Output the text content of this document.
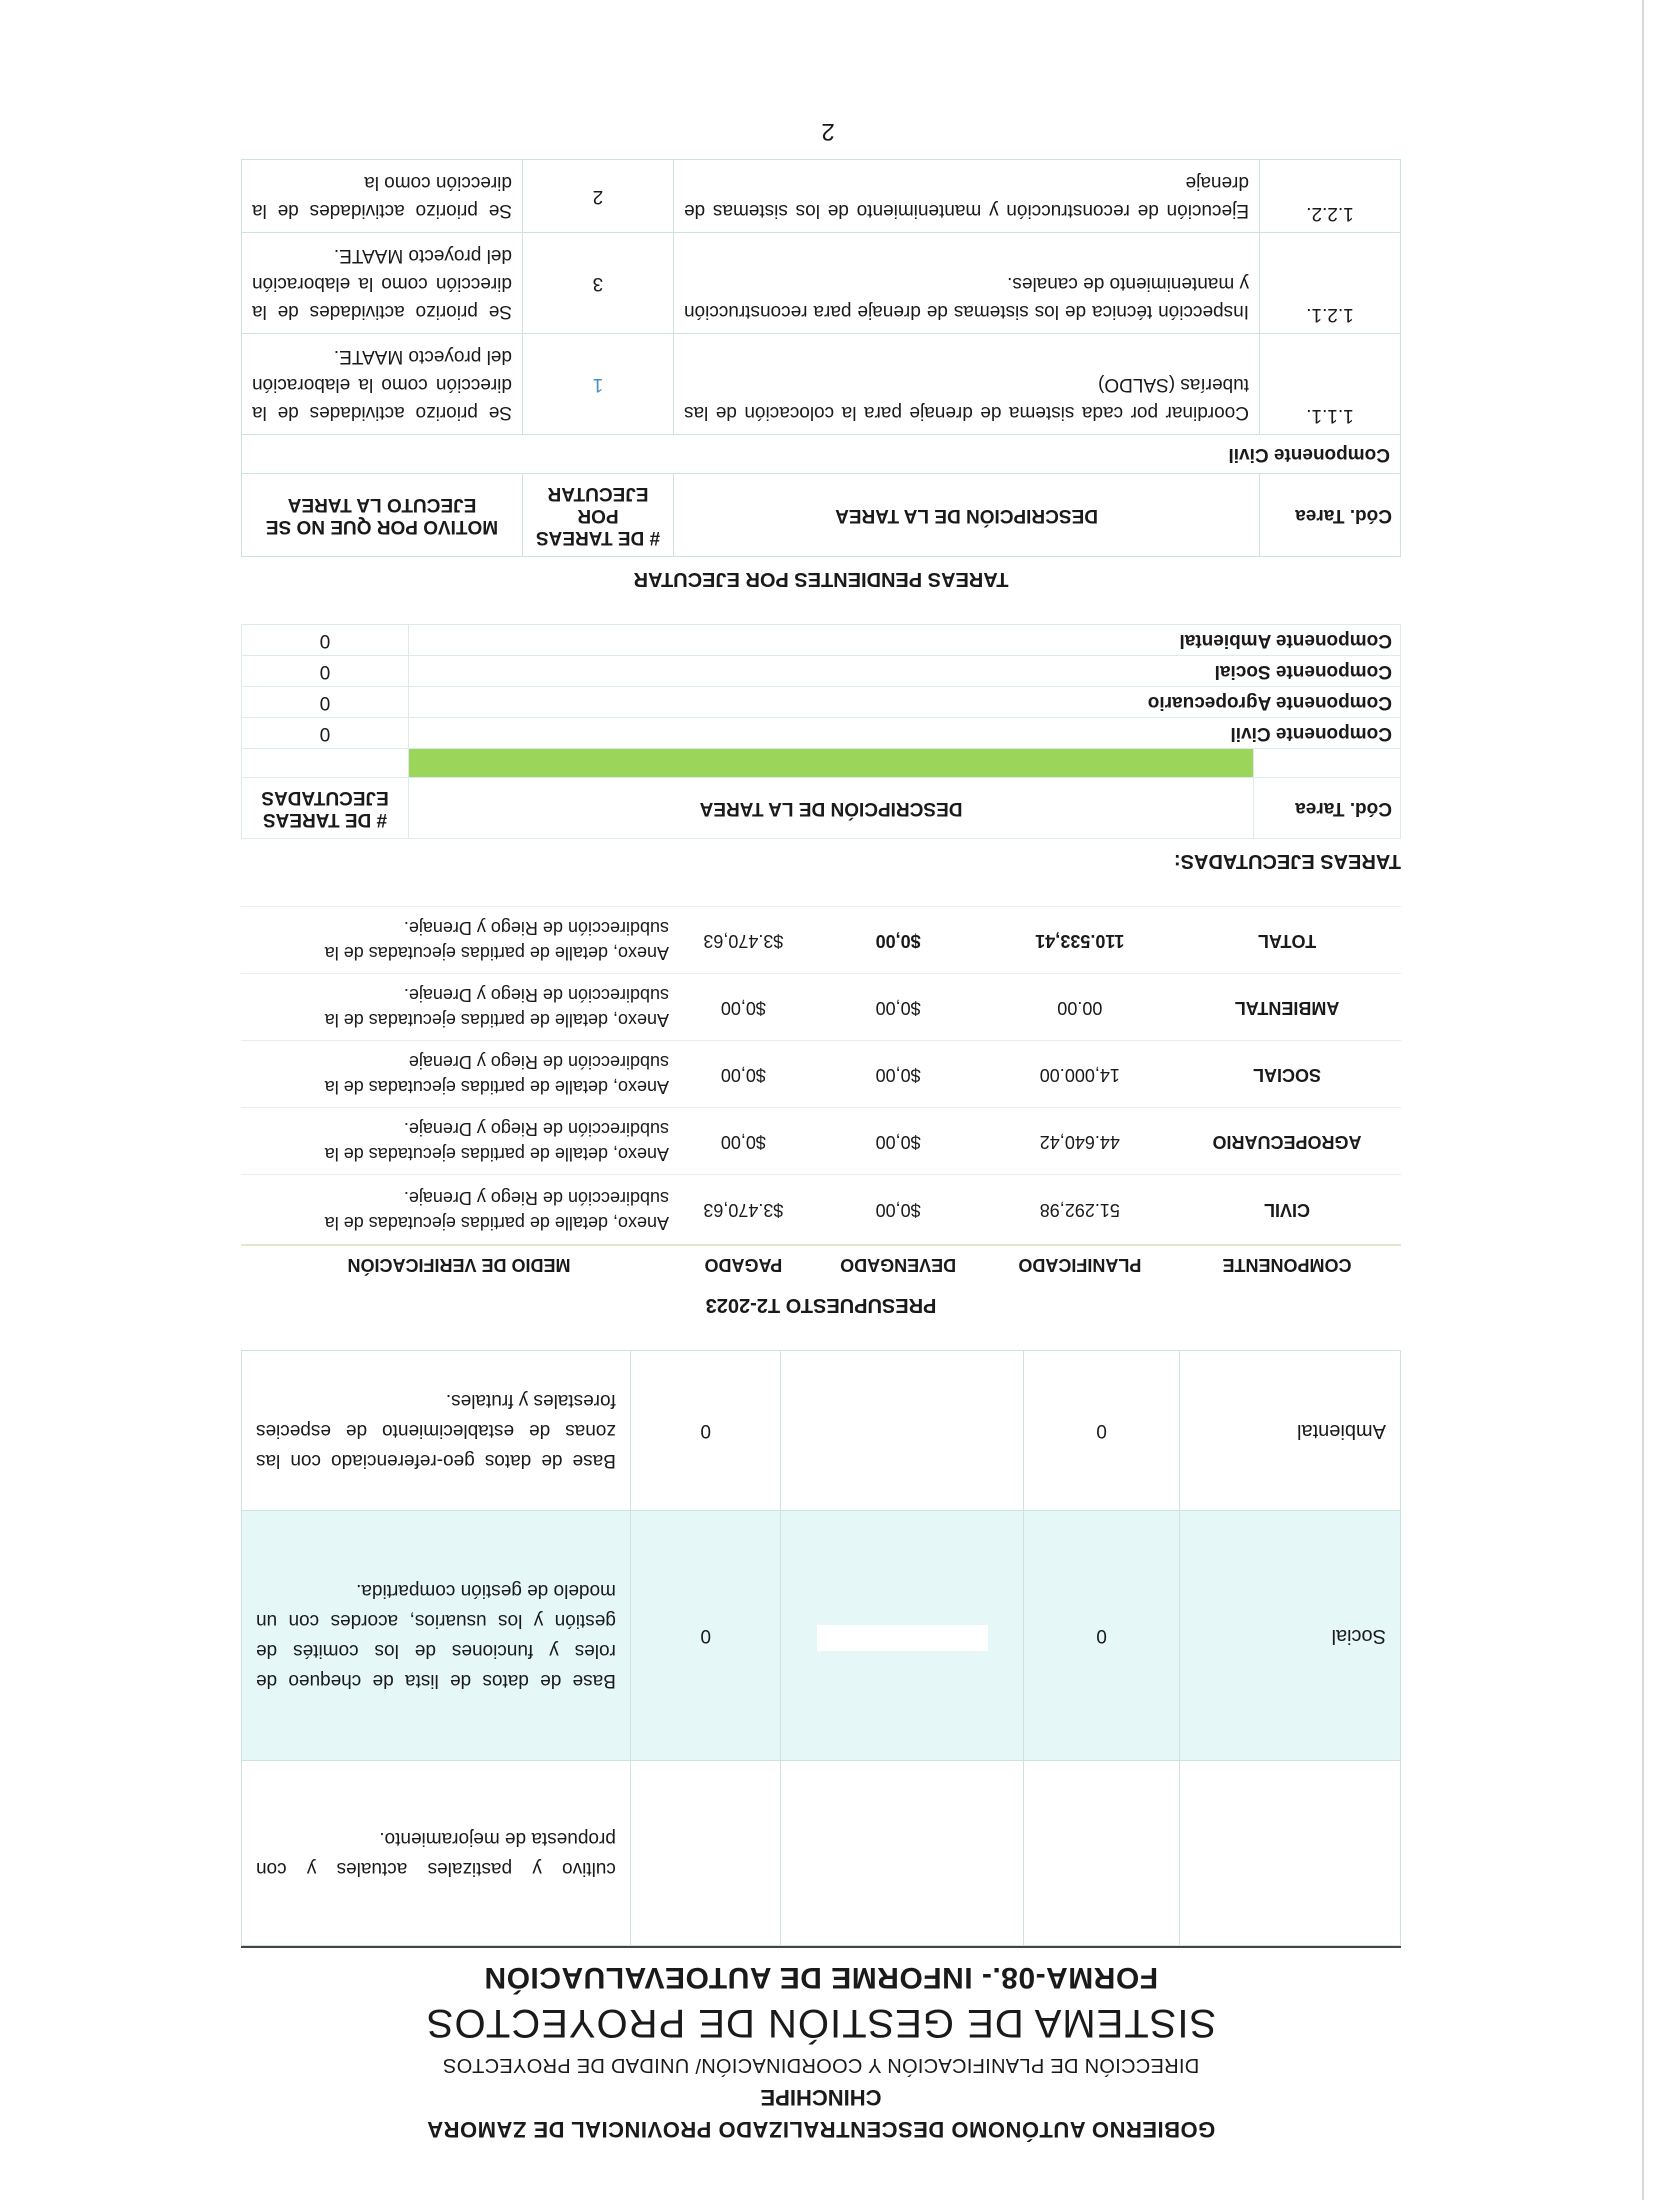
GOBIERNO AUTÓNOMO DESCENTRALIZADO PROVINCIAL DE ZAMORA
CHINCHIPE
DIRECCIÓN DE PLANIFICACIÓN Y COORDINACIÓN/ UNIDAD DE PROYECTOS
SISTEMA DE GESTIÓN DE PROYECTOS
FORMA-08.- INFORME DE AUTOEVALUACIÓN
				cultivo y pastizales actuales y con propuesta de mejoramiento.
Social	0		0	Base de datos de lista de chequeo de roles y funciones de los comités de gestión y los usuarios, acordes con un modelo de gestión compartida.
Ambiental	0		0	Base de datos geo-referenciado con las zonas de establecimiento de especies forestales y frutales.
PRESUPUESTO T2-2023
COMPONENTE	PLANIFICADO	DEVENGADO	PAGADO	MEDIO DE VERIFICACIÓN
CIVIL	51.292,98	$0,00	$3.470,63	Anexo, detalle de partidas ejecutadas de la subdirección de Riego y Drenaje.
AGROPECUARIO	44.640,42	$0,00	$0,00	Anexo, detalle de partidas ejecutadas de la subdirección de Riego y Drenaje.
SOCIAL	14,000.00	$0,00	$0,00	Anexo, detalle de partidas ejecutadas de la subdirección de Riego y Drenaje
AMBIENTAL	00.00	$0,00	$0,00	Anexo, detalle de partidas ejecutadas de la subdirección de Riego y Drenaje.
TOTAL	110.533,41	$0,00	$3.470,63	Anexo, detalle de partidas ejecutadas de la subdirección de Riego y Drenaje.
TAREAS EJECUTADAS:
Cód. Tarea	DESCRIPCIÓN DE LA TAREA	# DE TAREAS EJECUTADAS

Componente Civil		0
Componente Agropecuario		0
Componente Social		0
Componente Ambiental		0
TAREAS PENDIENTES POR EJECUTAR
Cód. Tarea	DESCRIPCIÓN DE LA TAREA	# DE TAREAS POR EJECUTAR	MOTIVO POR QUE NO SE EJECUTO LA TAREA
Componente Civil			
1.1.1.	Coordinar por cada sistema de drenaje para la colocación de las tuberías (SALDO)	1	Se priorizo actividades de la dirección como la elaboración del proyecto MAATE.
1.2.1.	Inspección técnica de los sistemas de drenaje para reconstrucción y mantenimiento de canales.	3	Se priorizo actividades de la dirección como la elaboración del proyecto MAATE.
1.2.2.	Ejecución de reconstrucción y mantenimiento de los sistemas de drenaje	2	Se priorizo actividades de la dirección como la
2
